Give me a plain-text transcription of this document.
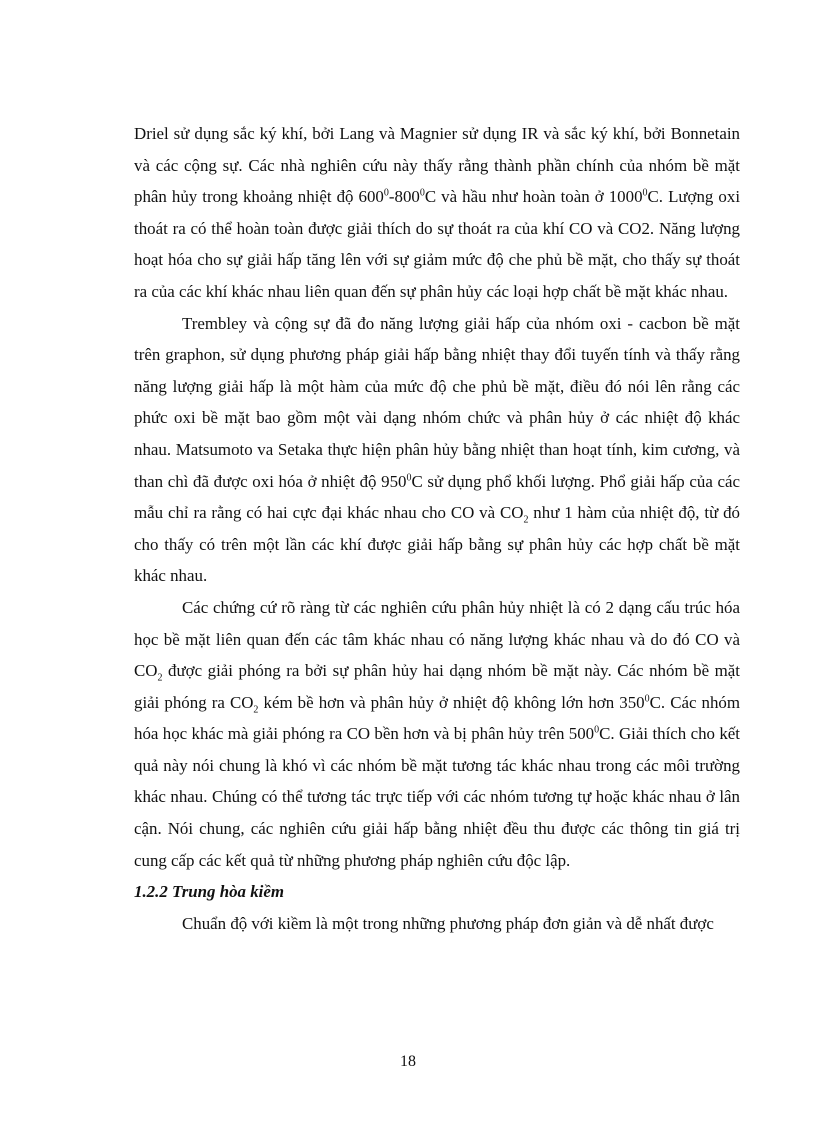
Driel sử dụng sắc ký khí, bởi Lang và Magnier sử dụng IR và sắc ký khí, bởi Bonnetain và các cộng sự. Các nhà nghiên cứu này thấy rằng thành phần chính của nhóm bề mặt phân hủy trong khoảng nhiệt độ $600^0-800^0C$ và hầu như hoàn toàn ở 1000$^0$C. Lượng oxi thoát ra có thể hoàn toàn được giải thích do sự thoát ra của khí CO và CO2. Năng lượng hoạt hóa cho sự giải hấp tăng lên với sự giảm mức độ che phủ bề mặt, cho thấy sự thoát ra của các khí khác nhau liên quan đến sự phân hủy các loại hợp chất bề mặt khác nhau.

Trembley và cộng sự đã đo năng lượng giải hấp của nhóm oxi - cacbon bề mặt trên graphon, sử dụng phương pháp giải hấp bằng nhiệt thay đổi tuyến tính và thấy rằng năng lượng giải hấp là một hàm của mức độ che phủ bề mặt, điều đó nói lên rằng các phức oxi bề mặt bao gồm một vài dạng nhóm chức và phân hủy ở các nhiệt độ khác nhau. Matsumoto va Setaka thực hiện phân hủy bằng nhiệt than hoạt tính, kim cương, và than chì đã được oxi hóa ở nhiệt độ $950^0C$ sử dụng phổ khối lượng. Phổ giải hấp của các mẫu chỉ ra rằng có hai cực đại khác nhau cho CO và $CO_2$ như 1 hàm của nhiệt độ, từ đó cho thấy có trên một lần các khí được giải hấp bằng sự phân hủy các hợp chất bề mặt khác nhau.

Các chứng cứ rõ ràng từ các nghiên cứu phân hủy nhiệt là có 2 dạng cấu trúc hóa học bề mặt liên quan đến các tâm khác nhau có năng lượng khác nhau và do đó CO và $CO_2$ được giải phóng ra bởi sự phân hủy hai dạng nhóm bề mặt này. Các nhóm bề mặt giải phóng ra $CO_2$ kém bề hơn và phân hủy ở nhiệt độ không lớn hơn $350^0C$. Các nhóm hóa học khác mà giải phóng ra CO bền hơn và bị phân hủy trên $500^0C$. Giải thích cho kết quả này nói chung là khó vì các nhóm bề mặt tương tác khác nhau trong các môi trường khác nhau. Chúng có thể tương tác trực tiếp với các nhóm tương tự hoặc khác nhau ở lân cận. Nói chung, các nghiên cứu giải hấp bằng nhiệt đều thu được các thông tin giá trị cung cấp các kết quả từ những phương pháp nghiên cứu độc lập.

1.2.2 Trung hòa kiềm

Chuẩn độ với kiềm là một trong những phương pháp đơn giản và dễ nhất được

18
